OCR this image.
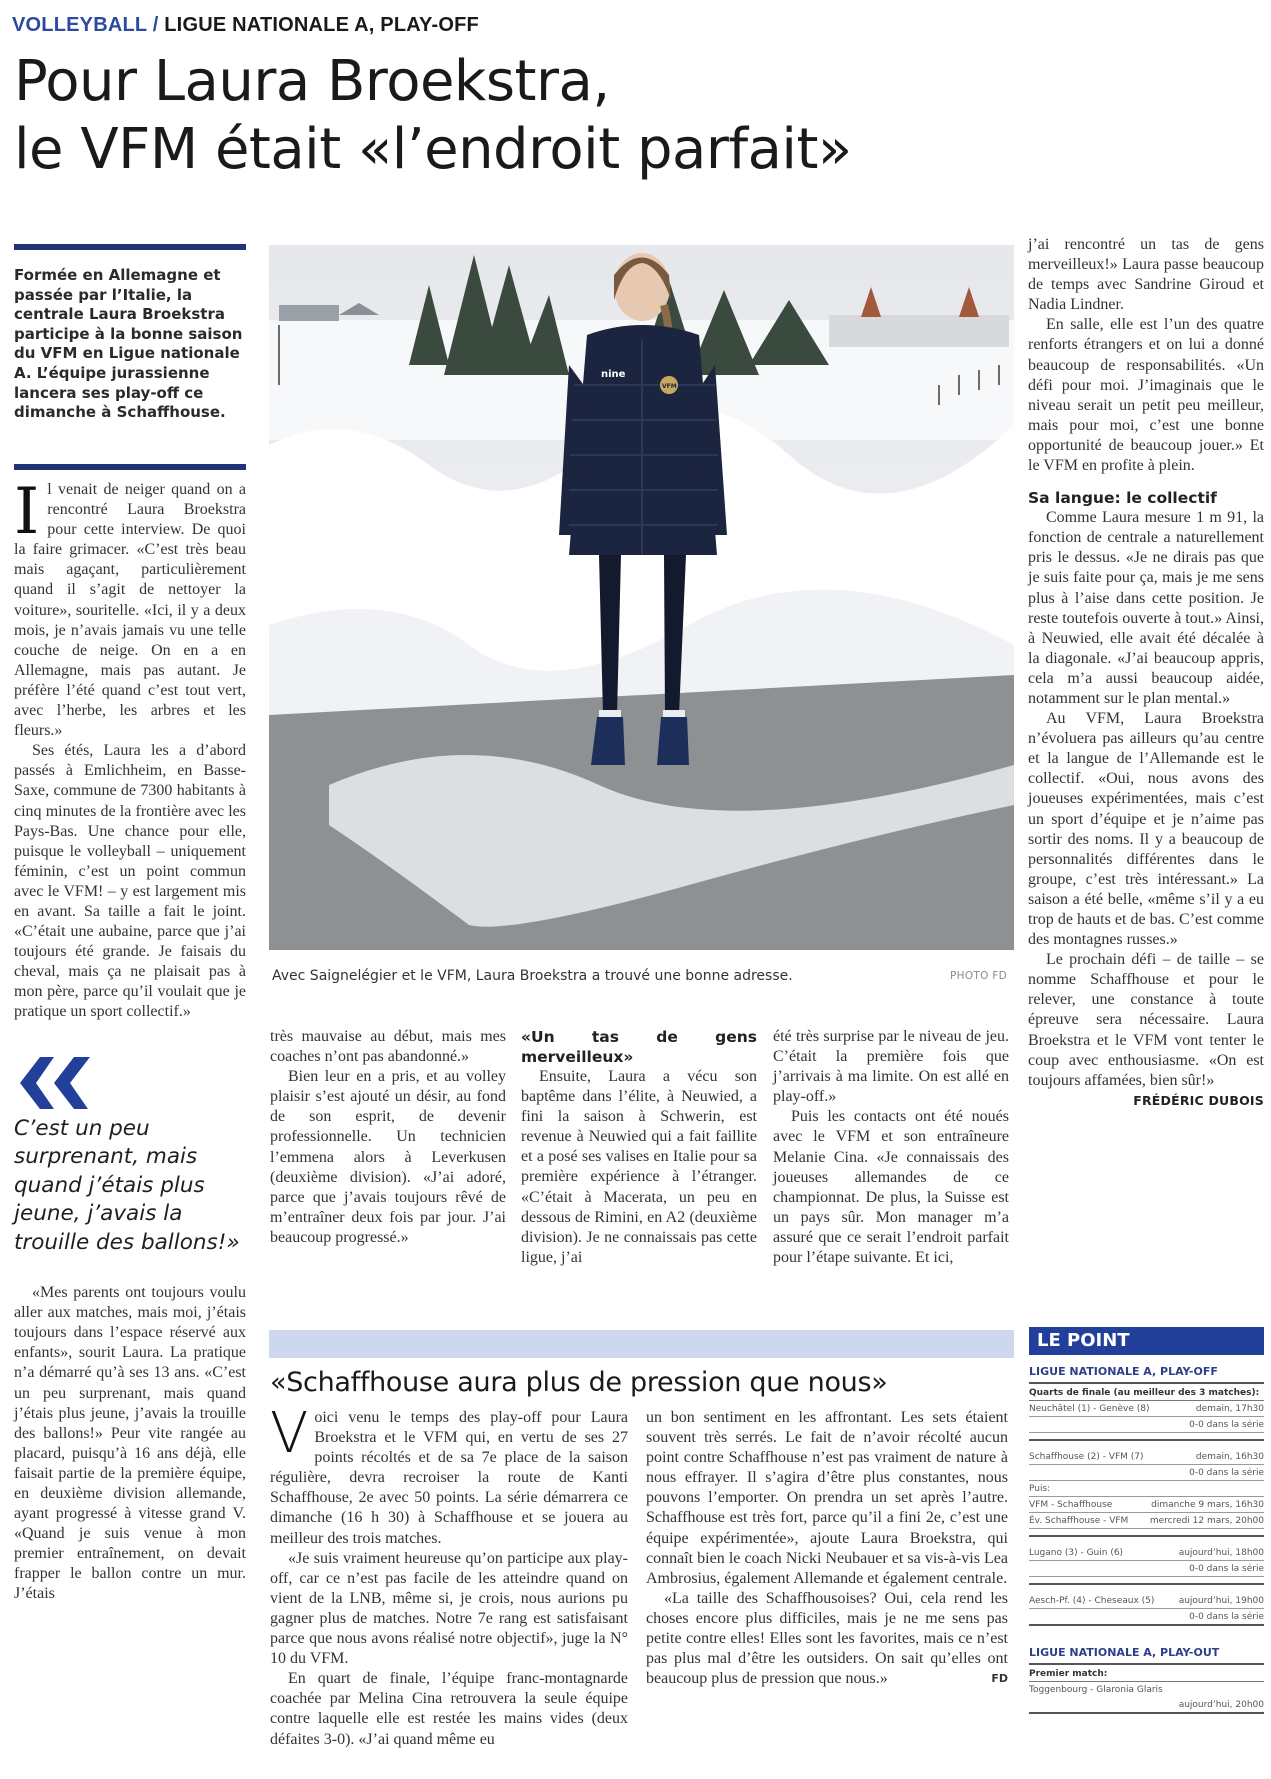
VOLLEYBALL / LIGUE NATIONALE A, PLAY-OFF
Pour Laura Broekstra,
le VFM était «l’endroit parfait»
Formée en Allemagne et passée par l’Italie, la centrale Laura Broekstra participe à la bonne saison du VFM en Ligue nationale A. L’équipe jurassienne lancera ses play-off ce dimanche à Schaffhouse.

Il venait de neiger quand on a rencontré Laura Broekstra pour cette interview. De quoi la faire grimacer. «C’est très beau mais agaçant, particulièrement quand il s’agit de nettoyer la voiture», souritelle. «Ici, il y a deux mois, je n’avais jamais vu une telle couche de neige. On en a en Allemagne, mais pas autant. Je préfère l’été quand c’est tout vert, avec l’herbe, les arbres et les fleurs.»

Ses étés, Laura les a d’abord passés à Emlichheim, en Basse-Saxe, commune de 7300 habitants à cinq minutes de la frontière avec les Pays-Bas. Une chance pour elle, puisque le volleyball – uniquement féminin, c’est un point commun avec le VFM! – y est largement mis en avant. Sa taille a fait le joint. «C’était une aubaine, parce que j’ai toujours été grande. Je faisais du cheval, mais ça ne plaisait pas à mon père, parce qu’il voulait que je pratique un sport collectif.»

C’est un peu surprenant, mais quand j’étais plus jeune, j’avais la trouille des ballons!»

«Mes parents ont toujours voulu aller aux matches, mais moi, j’étais toujours dans l’espace réservé aux enfants», sourit Laura. La pratique n’a démarré qu’à ses 13 ans. «C’est un peu surprenant, mais quand j’étais plus jeune, j’avais la trouille des ballons!» Peur vite rangée au placard, puisqu’à 16 ans déjà, elle faisait partie de la première équipe, en deuxième division allemande, ayant progressé à vitesse grand V. «Quand je suis venue à mon premier entraînement, on devait frapper le ballon contre un mur. J’étais

nine
VFM
Avec Saignelégier et le VFM, Laura Broekstra a trouvé une bonne adresse.	PHOTO FD

très mauvaise au début, mais mes coaches n’ont pas abandonné.»

Bien leur en a pris, et au volley plaisir s’est ajouté un désir, au fond de son esprit, de devenir professionnelle. Un technicien l’emmena alors à Leverkusen (deuxième division). «J’ai adoré, parce que j’avais toujours rêvé de m’entraîner deux fois par jour. J’ai beaucoup progressé.»

«Un tas de gens merveilleux»

Ensuite, Laura a vécu son baptême dans l’élite, à Neuwied, a fini la saison à Schwerin, est revenue à Neuwied qui a fait faillite et a posé ses valises en Italie pour sa première expérience à l’étranger. «C’était à Macerata, un peu en dessous de Rimini, en A2 (deuxième division). Je ne connaissais pas cette ligue, j’ai

été très surprise par le niveau de jeu. C’était la première fois que j’arrivais à ma limite. On est allé en play-off.»

Puis les contacts ont été noués avec le VFM et son entraîneure Melanie Cina. «Je connaissais des joueuses allemandes de ce championnat. De plus, la Suisse est un pays sûr. Mon manager m’a assuré que ce serait l’endroit parfait pour l’étape suivante. Et ici,

j’ai rencontré un tas de gens merveilleux!» Laura passe beaucoup de temps avec Sandrine Giroud et Nadia Lindner.

En salle, elle est l’un des quatre renforts étrangers et on lui a donné beaucoup de responsabilités. «Un défi pour moi. J’imaginais que le niveau serait un petit peu meilleur, mais pour moi, c’est une bonne opportunité de beaucoup jouer.» Et le VFM en profite à plein.

Sa langue: le collectif

Comme Laura mesure 1 m 91, la fonction de centrale a naturellement pris le dessus. «Je ne dirais pas que je suis faite pour ça, mais je me sens plus à l’aise dans cette position. Je reste toutefois ouverte à tout.» Ainsi, à Neuwied, elle avait été décalée à la diagonale. «J’ai beaucoup appris, cela m’a aussi beaucoup aidée, notamment sur le plan mental.»

Au VFM, Laura Broekstra n’évoluera pas ailleurs qu’au centre et la langue de l’Allemande est le collectif. «Oui, nous avons des joueuses expérimentées, mais c’est un sport d’équipe et je n’aime pas sortir des noms. Il y a beaucoup de personnalités différentes dans le groupe, c’est très intéressant.» La saison a été belle, «même s’il y a eu trop de hauts et de bas. C’est comme des montagnes russes.»

Le prochain défi – de taille – se nomme Schaffhouse et pour le relever, une constance à toute épreuve sera nécessaire. Laura Broekstra et le VFM vont tenter le coup avec enthousiasme. «On est toujours affamées, bien sûr!»

FRÉDÉRIC DUBOIS
«Schaffhouse aura plus de pression que nous»

Voici venu le temps des play-off pour Laura Broekstra et le VFM qui, en vertu de ses 27 points récoltés et de sa 7e place de la saison régulière, devra recroiser la route de Kanti Schaffhouse, 2e avec 50 points. La série démarrera ce dimanche (16 h 30) à Schaffhouse et se jouera au meilleur des trois matches.

«Je suis vraiment heureuse qu’on participe aux play-off, car ce n’est pas facile de les atteindre quand on vient de la LNB, même si, je crois, nous aurions pu gagner plus de matches. Notre 7e rang est satisfaisant parce que nous avons réalisé notre objectif», juge la N° 10 du VFM.

En quart de finale, l’équipe franc-montagnarde coachée par Melina Cina retrouvera la seule équipe contre laquelle elle est restée les mains vides (deux défaites 3-0). «J’ai quand même eu

un bon sentiment en les affrontant. Les sets étaient souvent très serrés. Le fait de n’avoir récolté aucun point contre Schaffhouse n’est pas vraiment de nature à nous effrayer. Il s’agira d’être plus constantes, nous pouvons l’emporter. On prendra un set après l’autre. Schaffhouse est très fort, parce qu’il a fini 2e, c’est une équipe expérimentée», ajoute Laura Broekstra, qui connaît bien le coach Nicki Neubauer et sa vis-à-vis Lea Ambrosius, également Allemande et également centrale.

«La taille des Schaffhousoises? Oui, cela rend les choses encore plus difficiles, mais je ne me sens pas petite contre elles! Elles sont les favorites, mais ce n’est pas plus mal d’être les outsiders. On sait qu’elles ont beaucoup plus de pression que nous.»	FD

LE POINT
LIGUE NATIONALE A, PLAY-OFF
Quarts de finale (au meilleur des 3 matches):
Neuchâtel (1) - Genève (8)	demain, 17h30
0-0 dans la série
Schaffhouse (2) - VFM (7)	demain, 16h30
0-0 dans la série
Puis:
VFM - Schaffhouse	dimanche 9 mars, 16h30
Év. Schaffhouse - VFM mercredi 12 mars, 20h00
Lugano (3) - Guin (6)	aujourd’hui, 18h00
0-0 dans la série
Aesch-Pf. (4) - Cheseaux (5)	aujourd’hui, 19h00
0-0 dans la série
LIGUE NATIONALE A, PLAY-OUT
Premier match:
Toggenbourg - Glaronia Glaris
aujourd’hui, 20h00
